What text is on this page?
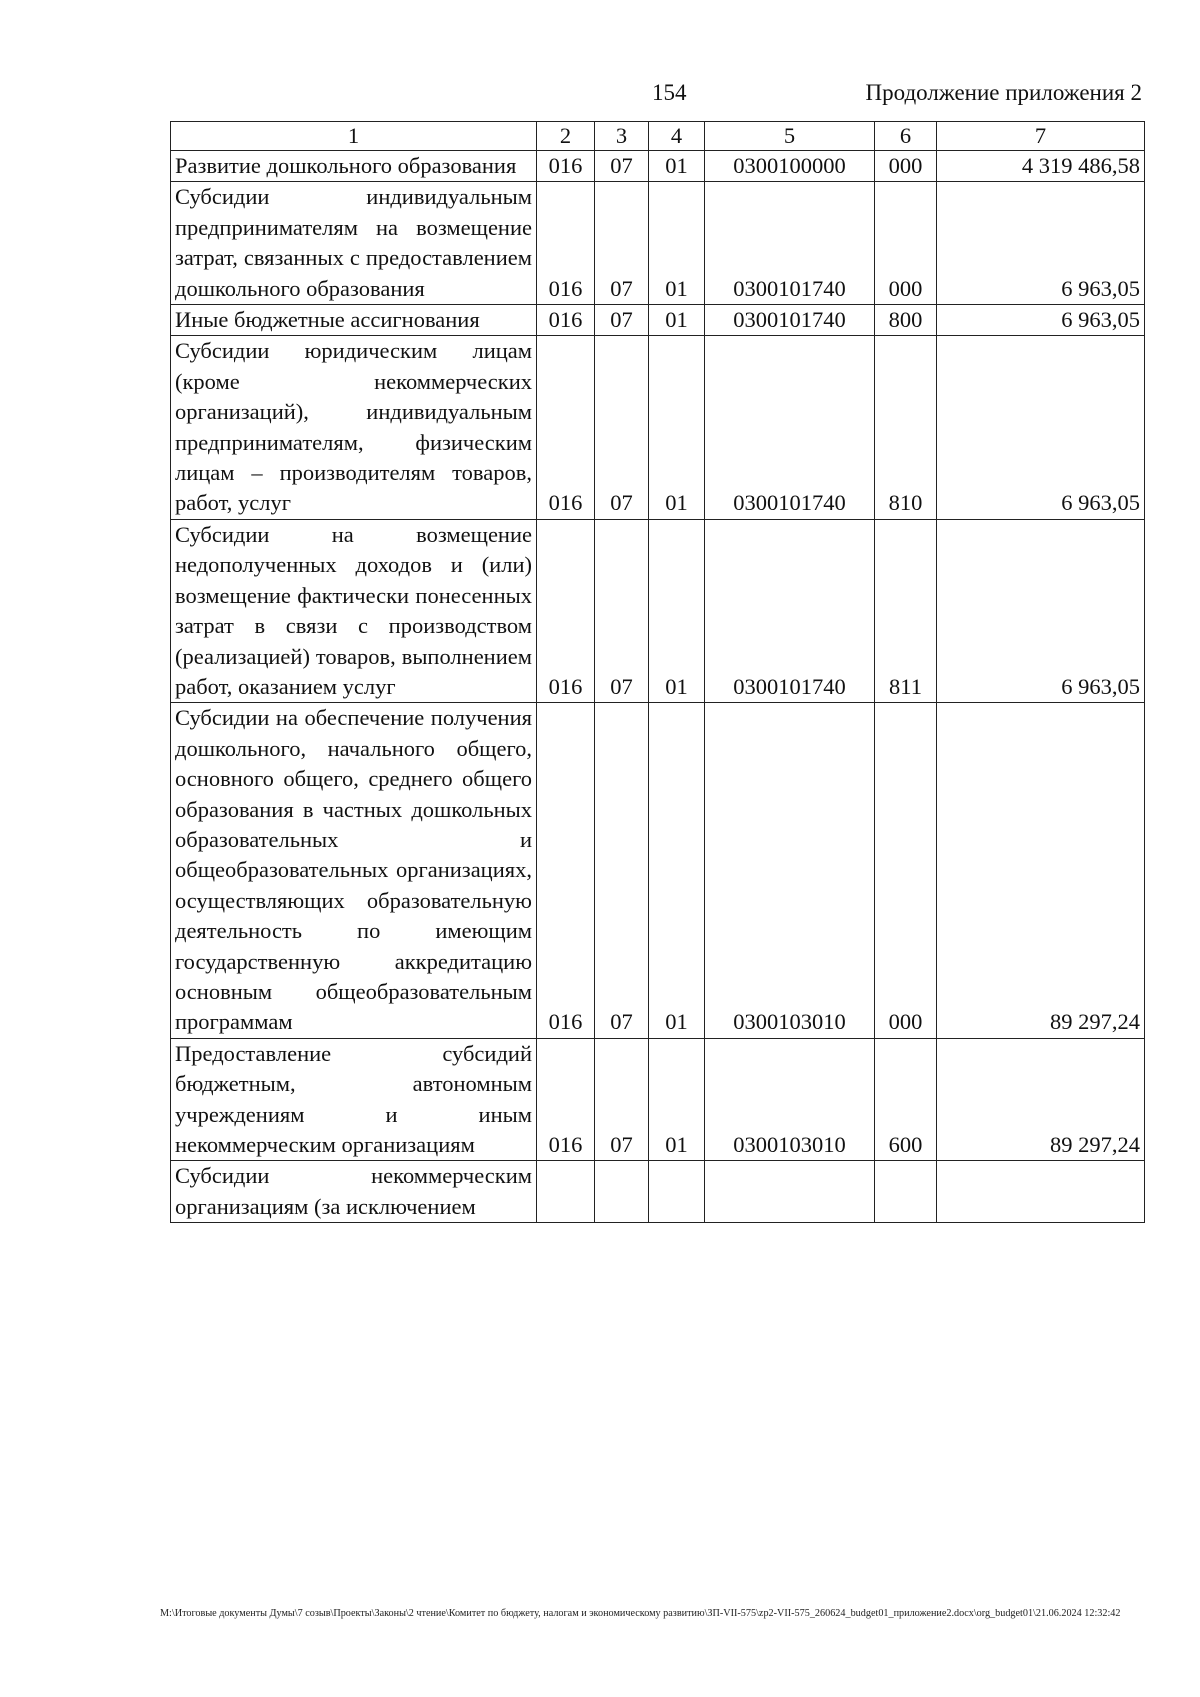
154	Продолжение приложения 2
1	2	3	4	5	6	7
Развитие дошкольного образования	016	07	01	0300100000	000	4 319 486,58
Субсидии индивидуальным предпринимателям на возмещение затрат, связанных с предоставлением дошкольного образования	016	07	01	0300101740	000	6 963,05
Иные бюджетные ассигнования	016	07	01	0300101740	800	6 963,05
Субсидии юридическим лицам (кроме некоммерческих организаций), индивидуальным предпринимателям, физическим лицам – производителям товаров, работ, услуг	016	07	01	0300101740	810	6 963,05
Субсидии на возмещение недополученных доходов и (или) возмещение фактически понесенных затрат в связи с производством (реализацией) товаров, выполнением работ, оказанием услуг	016	07	01	0300101740	811	6 963,05
Субсидии на обеспечение получения дошкольного, начального общего, основного общего, среднего общего образования в частных дошкольных образовательных и общеобразовательных организациях, осуществляющих образовательную деятельность по имеющим государственную аккредитацию основным общеобразовательным программам	016	07	01	0300103010	000	89 297,24
Предоставление субсидий бюджетным, автономным учреждениям и иным некоммерческим организациям	016	07	01	0300103010	600	89 297,24
Субсидии некоммерческим организациям (за исключением						
M:\Итоговые документы Думы\7 созыв\Проекты\Законы\2 чтение\Комитет по бюджету, налогам и экономическому развитию\ЗП-VII-575\zp2-VII-575_260624_budget01_приложение2.docx\org_budget01\21.06.2024 12:32:42
